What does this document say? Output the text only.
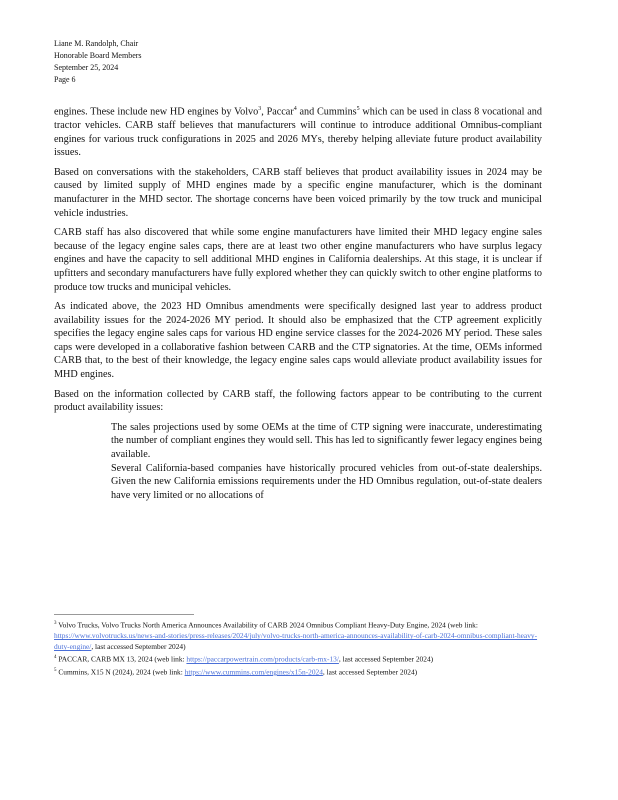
Liane M. Randolph, Chair
Honorable Board Members
September 25, 2024
Page 6

engines. These include new HD engines by Volvo$^3$, Paccar$^4$ and Cummins$^5$ which can be used in class 8 vocational and tractor vehicles. CARB staff believes that manufacturers will continue to introduce additional Omnibus-compliant engines for various truck configurations in 2025 and 2026 MYs, thereby helping alleviate future product availability issues.

Based on conversations with the stakeholders, CARB staff believes that product availability issues in 2024 may be caused by limited supply of MHD engines made by a specific engine manufacturer, which is the dominant manufacturer in the MHD sector. The shortage concerns have been voiced primarily by the tow truck and municipal vehicle industries.

CARB staff has also discovered that while some engine manufacturers have limited their MHD legacy engine sales because of the legacy engine sales caps, there are at least two other engine manufacturers who have surplus legacy engines and have the capacity to sell additional MHD engines in California dealerships. At this stage, it is unclear if upfitters and secondary manufacturers have fully explored whether they can quickly switch to other engine platforms to produce tow trucks and municipal vehicles.

As indicated above, the 2023 HD Omnibus amendments were specifically designed last year to address product availability issues for the 2024-2026 MY period. It should also be emphasized that the CTP agreement explicitly specifies the legacy engine sales caps for various HD engine service classes for the 2024-2026 MY period. These sales caps were developed in a collaborative fashion between CARB and the CTP signatories. At the time, OEMs informed CARB that, to the best of their knowledge, the legacy engine sales caps would alleviate product availability issues for MHD engines.

Based on the information collected by CARB staff, the following factors appear to be contributing to the current product availability issues:

The sales projections used by some OEMs at the time of CTP signing were inaccurate, underestimating the number of compliant engines they would sell. This has led to significantly fewer legacy engines being available.
Several California-based companies have historically procured vehicles from out-of-state dealerships. Given the new California emissions requirements under the HD Omnibus regulation, out-of-state dealers have very limited or no allocations of
$^3$ Volvo Trucks, Volvo Trucks North America Announces Availability of CARB 2024 Omnibus Compliant Heavy-Duty Engine, 2024 (web link: https://www.volvotrucks.us/news-and-stories/press-releases/2024/july/volvo-trucks-north-america-announces-availability-of-carb-2024-omnibus-compliant-heavy-duty-engine/, last accessed September 2024)
$^4$ PACCAR, CARB MX 13, 2024 (web link: https://paccarpowertrain.com/products/carb-mx-13/, last accessed September 2024)
$^5$ Cummins, X15 N (2024), 2024 (web link: https://www.cummins.com/engines/x15n-2024, last accessed September 2024)
